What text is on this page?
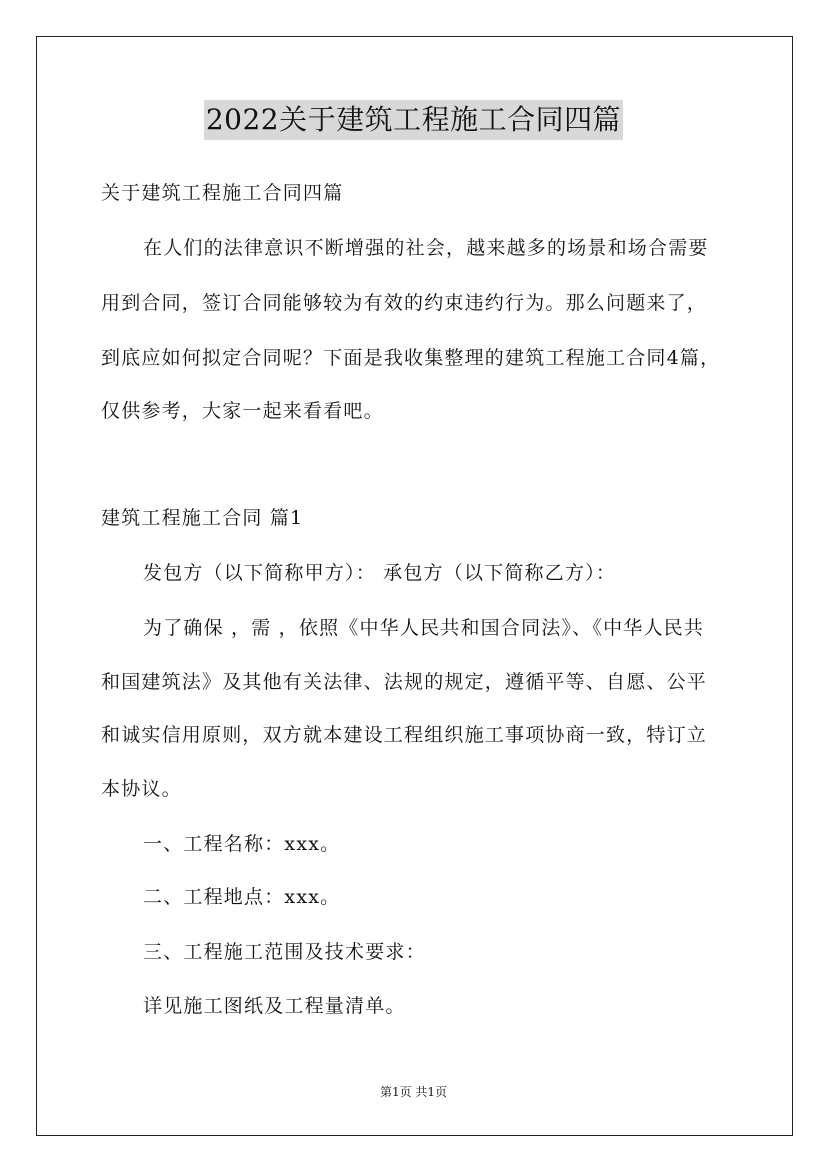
2022关于建筑工程施工合同四篇
关于建筑工程施工合同四篇
在人们的法律意识不断增强的社会，越来越多的场景和场合需要
用到合同，签订合同能够较为有效的约束违约行为。那么问题来了，
到底应如何拟定合同呢？下面是我收集整理的建筑工程施工合同4篇，
仅供参考，大家一起来看看吧。
建筑工程施工合同 篇1
发包方（以下简称甲方）： 承包方（以下简称乙方）：
为了确保 ，需 ，依照《中华人民共和国合同法》、《中华人民共
和国建筑法》及其他有关法律、法规的规定，遵循平等、自愿、公平
和诚实信用原则，双方就本建设工程组织施工事项协商一致，特订立
本协议。
一、工程名称：xxx。
二、工程地点：xxx。
三、工程施工范围及技术要求：
详见施工图纸及工程量清单。
第1页 共1页
